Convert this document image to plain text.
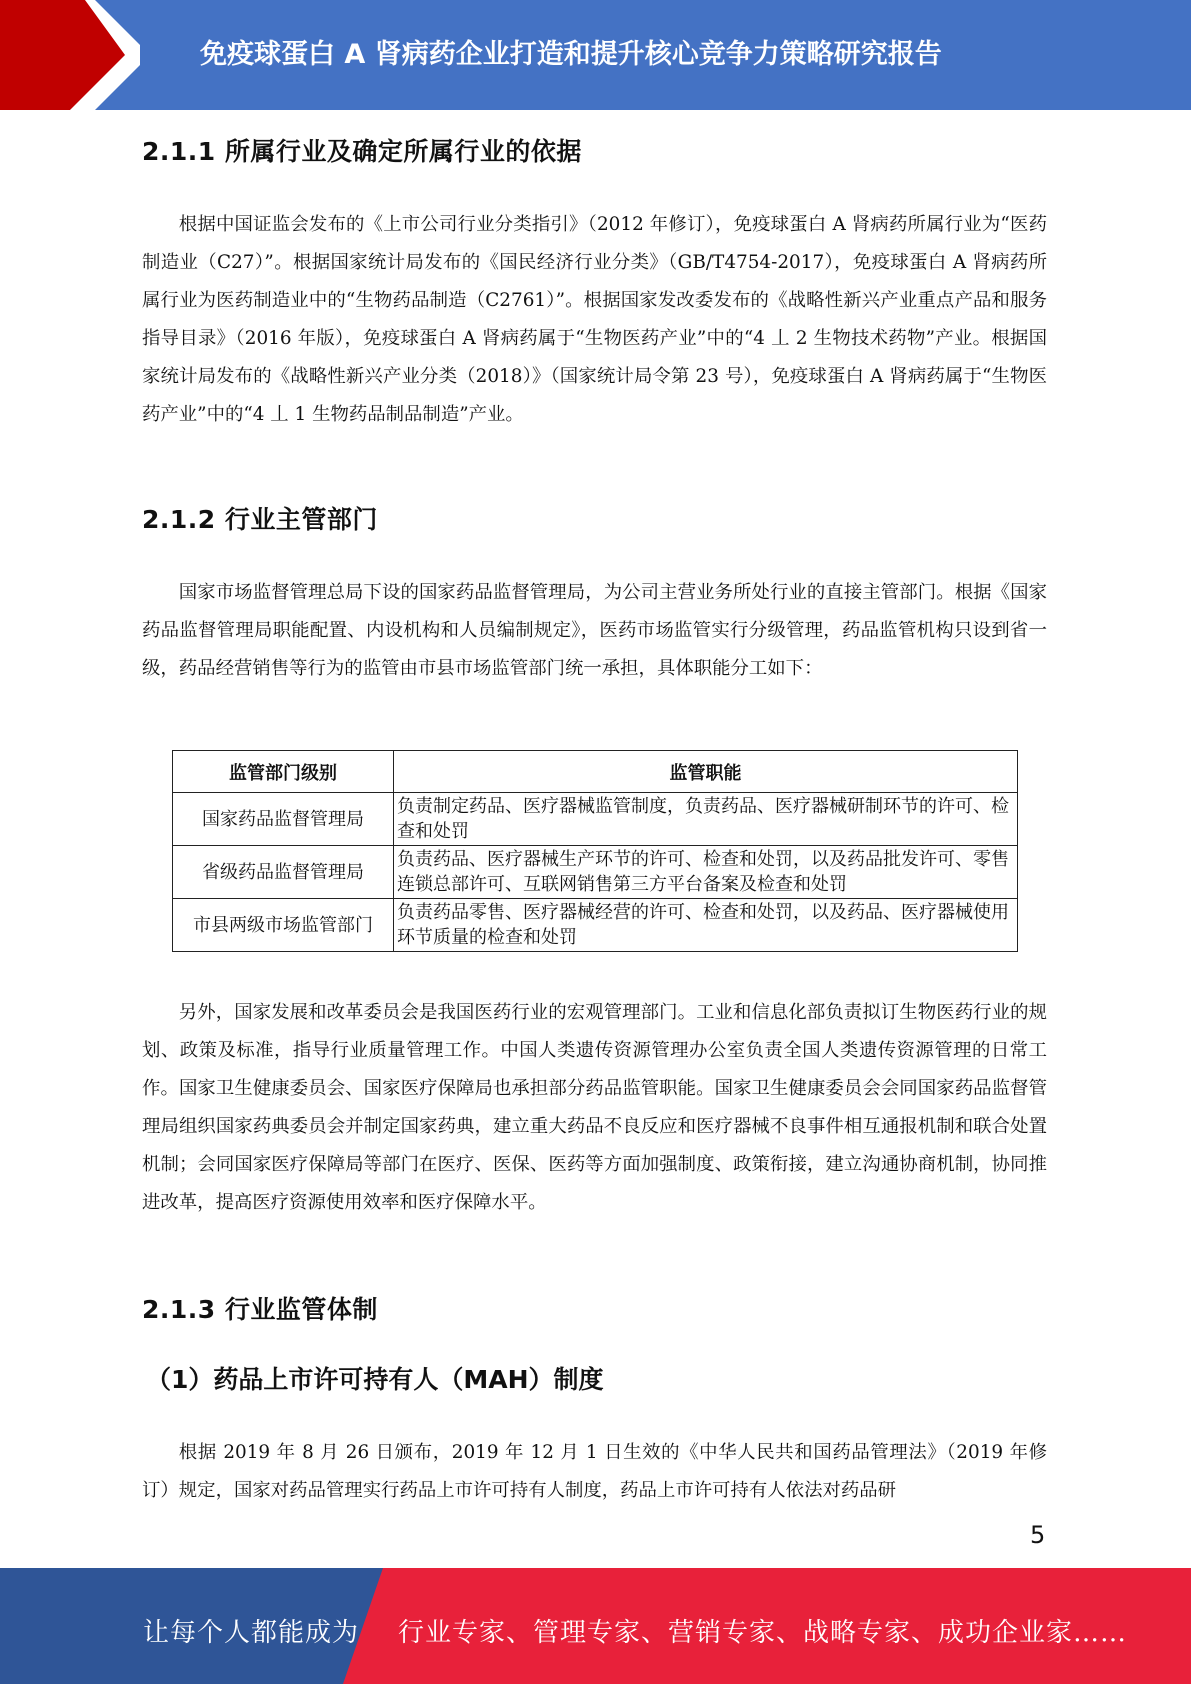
免疫球蛋白 A 肾病药企业打造和提升核心竞争力策略研究报告
2.1.1 所属行业及确定所属行业的依据

根据中国证监会发布的《上市公司行业分类指引》（2012 年修订），免疫球蛋白 A 肾病药所属行业为“医药制造业（C27）”。根据国家统计局发布的《国民经济行业分类》（GB/T4754-2017），免疫球蛋白 A 肾病药所属行业为医药制造业中的“生物药品制造（C2761）”。根据国家发改委发布的《战略性新兴产业重点产品和服务指导目录》（2016 年版），免疫球蛋白 A 肾病药属于“生物医药产业”中的“4 丄 2 生物技术药物”产业。根据国家统计局发布的《战略性新兴产业分类（2018）》（国家统计局令第 23 号），免疫球蛋白 A 肾病药属于“生物医药产业”中的“4 丄 1 生物药品制品制造”产业。

2.1.2 行业主管部门

国家市场监督管理总局下设的国家药品监督管理局，为公司主营业务所处行业的直接主管部门。根据《国家药品监督管理局职能配置、内设机构和人员编制规定》，医药市场监管实行分级管理，药品监管机构只设到省一级，药品经营销售等行为的监管由市县市场监管部门统一承担，具体职能分工如下：

监管部门级别	监管职能
国家药品监督管理局	负责制定药品、医疗器械监管制度，负责药品、医疗器械研制环节的许可、检查和处罚
省级药品监督管理局	负责药品、医疗器械生产环节的许可、检查和处罚，以及药品批发许可、零售连锁总部许可、互联网销售第三方平台备案及检查和处罚
市县两级市场监管部门	负责药品零售、医疗器械经营的许可、检查和处罚，以及药品、医疗器械使用环节质量的检查和处罚

另外，国家发展和改革委员会是我国医药行业的宏观管理部门。工业和信息化部负责拟订生物医药行业的规划、政策及标准，指导行业质量管理工作。中国人类遗传资源管理办公室负责全国人类遗传资源管理的日常工作。国家卫生健康委员会、国家医疗保障局也承担部分药品监管职能。国家卫生健康委员会会同国家药品监督管理局组织国家药典委员会并制定国家药典，建立重大药品不良反应和医疗器械不良事件相互通报机制和联合处置机制；会同国家医疗保障局等部门在医疗、医保、医药等方面加强制度、政策衔接，建立沟通协商机制，协同推进改革，提高医疗资源使用效率和医疗保障水平。

2.1.3 行业监管体制
（1）药品上市许可持有人（MAH）制度

根据 2019 年 8 月 26 日颁布，2019 年 12 月 1 日生效的《中华人民共和国药品管理法》（2019 年修订）规定，国家对药品管理实行药品上市许可持有人制度，药品上市许可持有人依法对药品研

5
让每个人都能成为 行业专家、管理专家、营销专家、战略专家、成功企业家……
